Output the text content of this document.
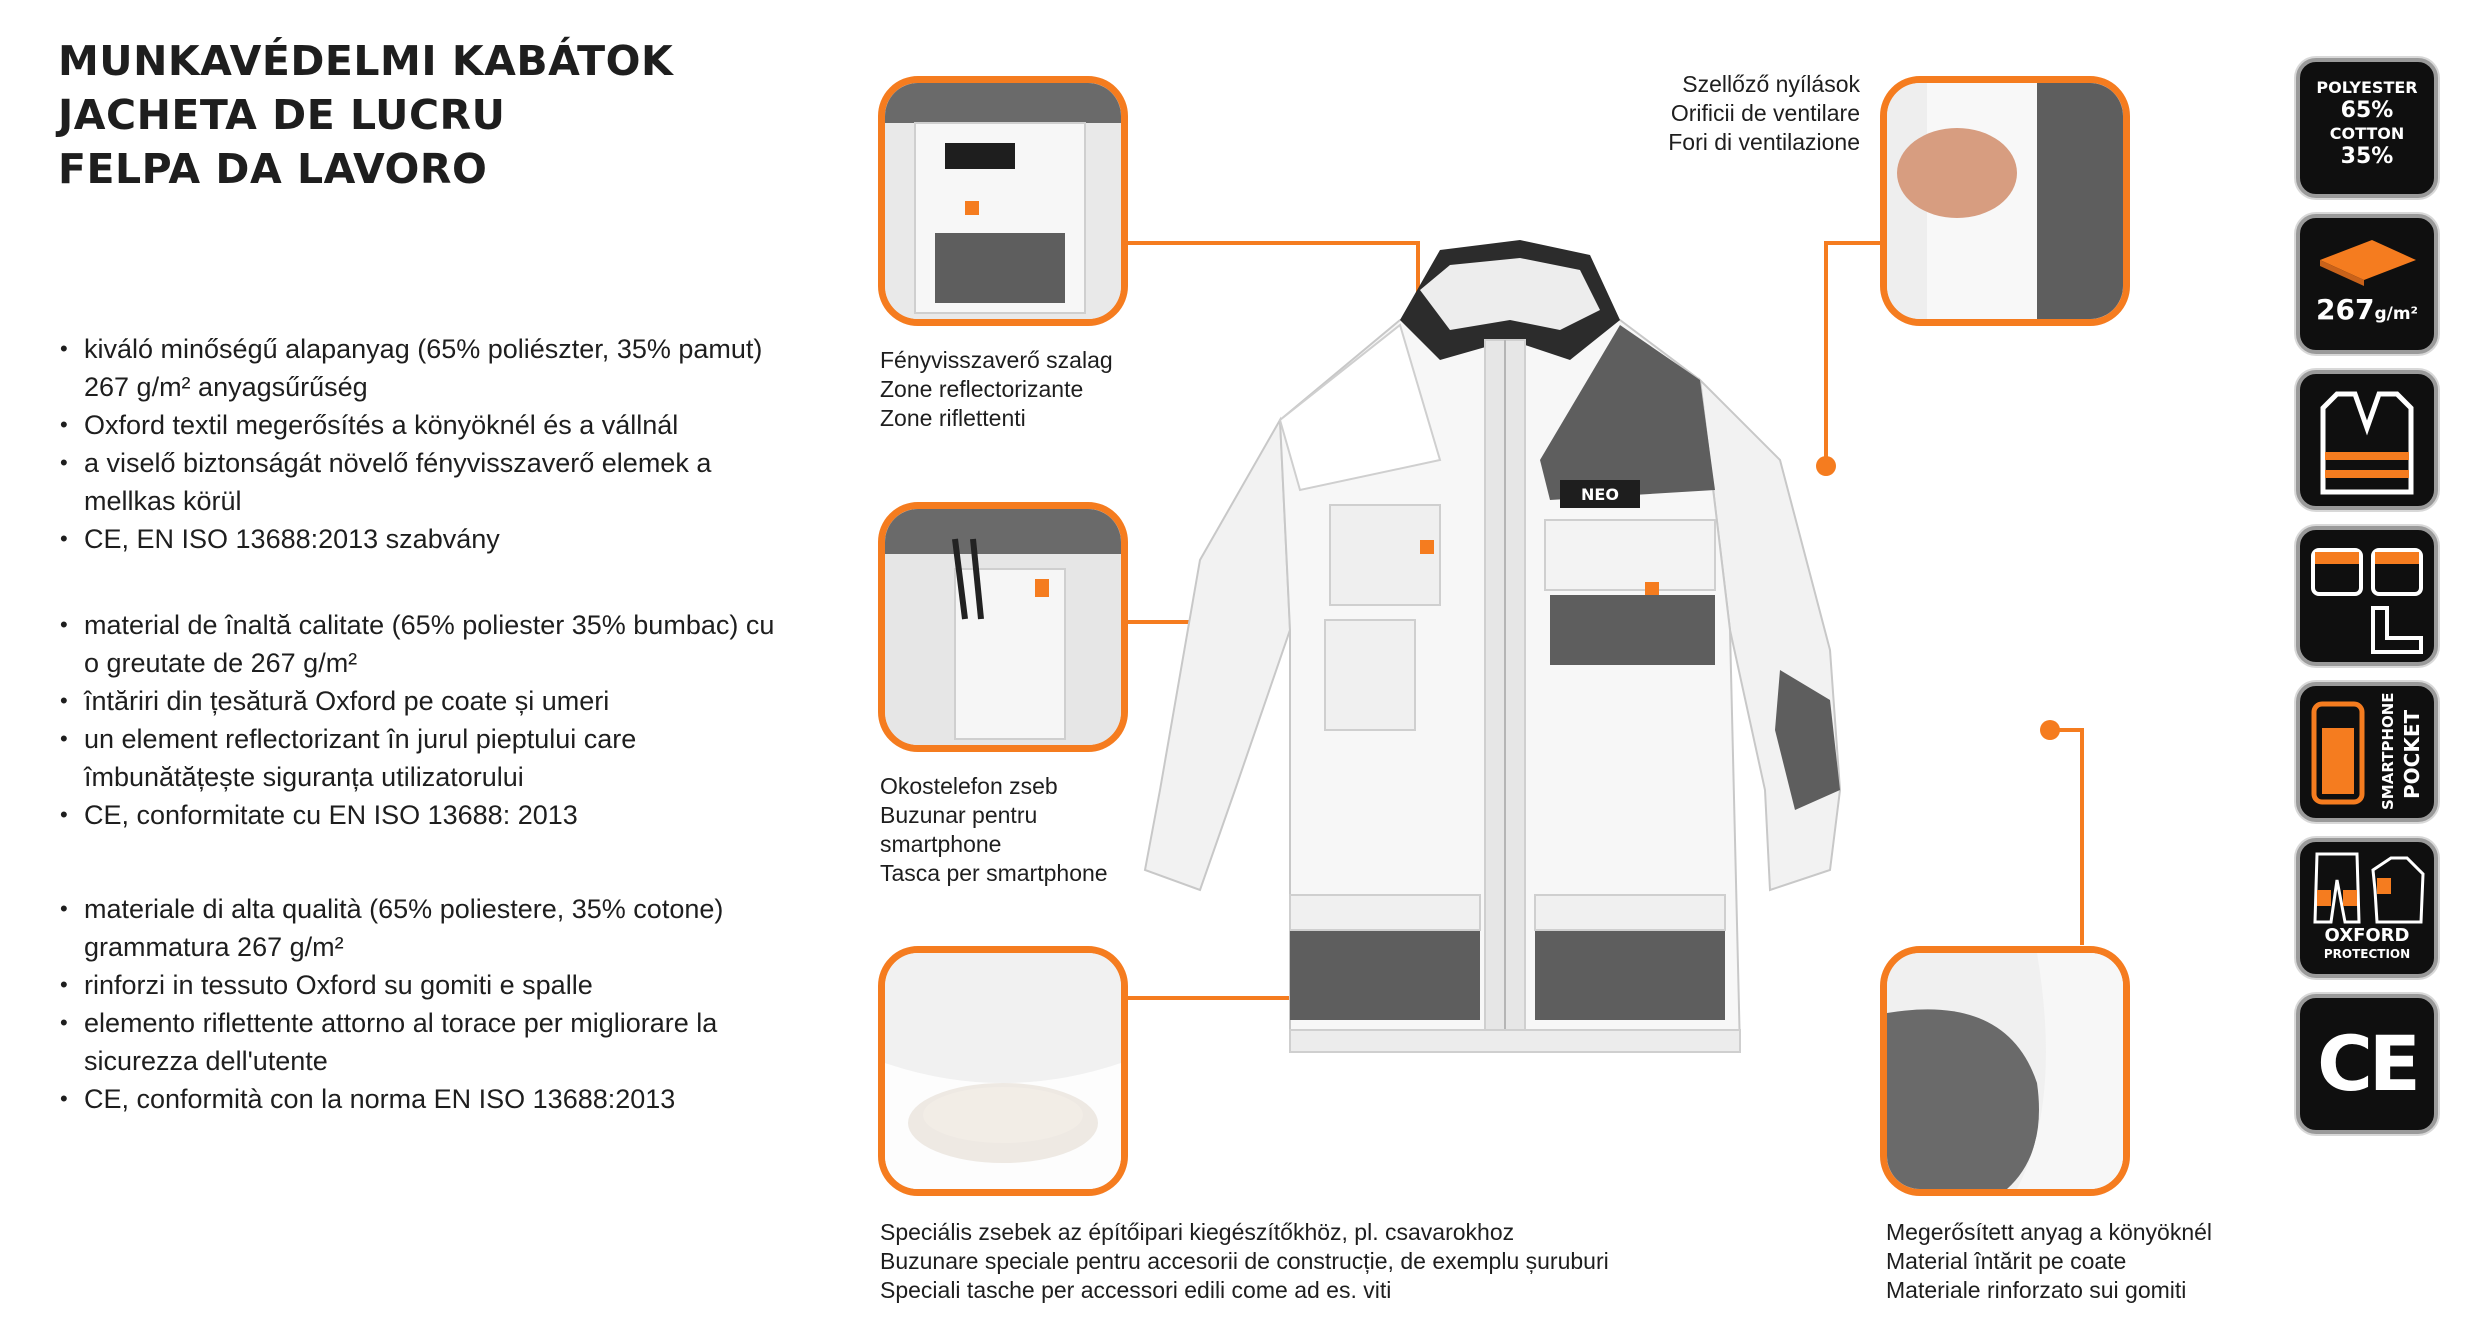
MUNKAVÉDELMI KABÁTOK
JACHETA DE LUCRU
FELPA DA LAVORO
• kiváló minőségű alapanyag (65% poliészter, 35% pamut) 267 g/m² anyagsűrűség
• Oxford textil megerősítés a könyöknél és a vállnál
• a viselő biztonságát növelő fényvisszaverő elemek a mellkas körül
• CE, EN ISO 13688:2013 szabvány
• material de înaltă calitate (65% poliester 35% bumbac) cu o greutate de 267 g/m²
• întăriri din țesătură Oxford pe coate și umeri
• un element reflectorizant în jurul pieptului care îmbunătățește siguranța utilizatorului
• CE, conformitate cu EN ISO 13688: 2013
• materiale di alta qualità (65% poliestere, 35% cotone) grammatura 267 g/m²
• rinforzi in tessuto Oxford su gomiti e spalle
• elemento riflettente attorno al torace per migliorare la sicurezza dell'utente
• CE, conformità con la norma EN ISO 13688:2013
NEO
Fényvisszaverő szalag
Zone reflectorizante
Zone riflettenti
Okostelefon zseb
Buzunar pentru
smartphone
Tasca per smartphone
Speciális zsebek az építőipari kiegészítőkhöz, pl. csavarokhoz
Buzunare speciale pentru accesorii de construcție, de exemplu șuruburi
Speciali tasche per accessori edili come ad es. viti
Szellőző nyílások
Orificii de ventilare
Fori di ventilazione
Megerősített anyag a könyöknél
Material întărit pe coate
Materiale rinforzato sui gomiti
POLYESTER
65%
COTTON
35%
267g/m²
SMARTPHONE POCKET
OXFORD
PROTECTION
CE
